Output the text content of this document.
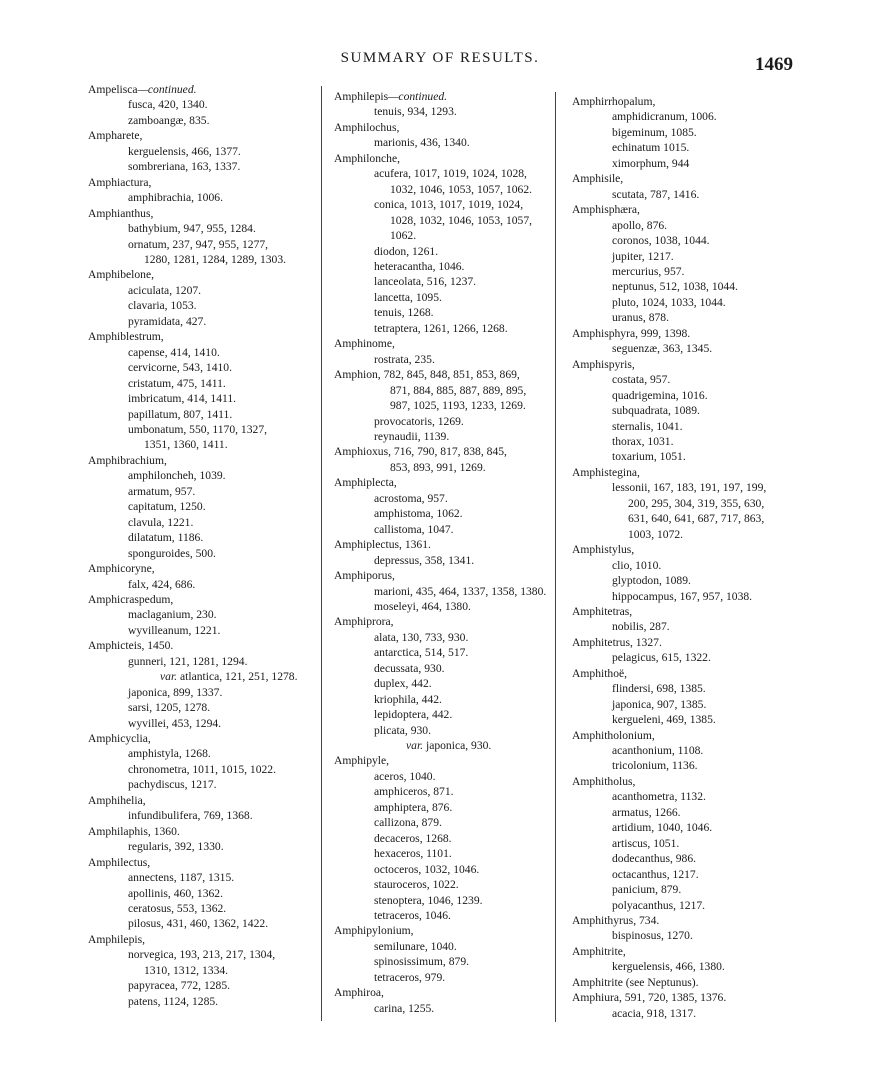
SUMMARY OF RESULTS.	1469
Ampelisca—continued.
fusca, 420, 1340.
zamboangæ, 835.
Ampharete,
kerguelensis, 466, 1377.
sombreriana, 163, 1337.
Amphiactura,
amphibrachia, 1006.
Amphianthus,
bathybium, 947, 955, 1284.
ornatum, 237, 947, 955, 1277,
1280, 1281, 1284, 1289, 1303.
Amphibelone,
aciculata, 1207.
clavaria, 1053.
pyramidata, 427.
Amphiblestrum,
capense, 414, 1410.
cervicorne, 543, 1410.
cristatum, 475, 1411.
imbricatum, 414, 1411.
papillatum, 807, 1411.
umbonatum, 550, 1170, 1327,
1351, 1360, 1411.
Amphibrachium,
amphiloncheh, 1039.
armatum, 957.
capitatum, 1250.
clavula, 1221.
dilatatum, 1186.
sponguroides, 500.
Amphicoryne,
falx, 424, 686.
Amphicraspedum,
maclaganium, 230.
wyvilleanum, 1221.
Amphicteis, 1450.
gunneri, 121, 1281, 1294.
var. atlantica, 121, 251, 1278.
japonica, 899, 1337.
sarsi, 1205, 1278.
wyvillei, 453, 1294.
Amphicyclia,
amphistyla, 1268.
chronometra, 1011, 1015, 1022.
pachydiscus, 1217.
Amphihelia,
infundibulifera, 769, 1368.
Amphilaphis, 1360.
regularis, 392, 1330.
Amphilectus,
annectens, 1187, 1315.
apollinis, 460, 1362.
ceratosus, 553, 1362.
pilosus, 431, 460, 1362, 1422.
Amphilepis,
norvegica, 193, 213, 217, 1304,
1310, 1312, 1334.
papyracea, 772, 1285.
patens, 1124, 1285.
Amphilepis—continued.
tenuis, 934, 1293.
Amphilochus,
marionis, 436, 1340.
Amphilonche,
acufera, 1017, 1019, 1024, 1028,
1032, 1046, 1053, 1057, 1062.
conica, 1013, 1017, 1019, 1024,
1028, 1032, 1046, 1053, 1057,
1062.
diodon, 1261.
heteracantha, 1046.
lanceolata, 516, 1237.
lancetta, 1095.
tenuis, 1268.
tetraptera, 1261, 1266, 1268.
Amphinome,
rostrata, 235.
Amphion, 782, 845, 848, 851, 853, 869,
871, 884, 885, 887, 889, 895,
987, 1025, 1193, 1233, 1269.
provocatoris, 1269.
reynaudii, 1139.
Amphioxus, 716, 790, 817, 838, 845,
853, 893, 991, 1269.
Amphiplecta,
acrostoma, 957.
amphistoma, 1062.
callistoma, 1047.
Amphiplectus, 1361.
depressus, 358, 1341.
Amphiporus,
marioni, 435, 464, 1337, 1358, 1380.
moseleyi, 464, 1380.
Amphiprora,
alata, 130, 733, 930.
antarctica, 514, 517.
decussata, 930.
duplex, 442.
kriophila, 442.
lepidoptera, 442.
plicata, 930.
var. japonica, 930.
Amphipyle,
aceros, 1040.
amphiceros, 871.
amphiptera, 876.
callizona, 879.
decaceros, 1268.
hexaceros, 1101.
octoceros, 1032, 1046.
stauroceros, 1022.
stenoptera, 1046, 1239.
tetraceros, 1046.
Amphipylonium,
semilunare, 1040.
spinosissimum, 879.
tetraceros, 979.
Amphiroa,
carina, 1255.
Amphirrhopalum,
amphidicranum, 1006.
bigeminum, 1085.
echinatum 1015.
ximorphum, 944
Amphisile,
scutata, 787, 1416.
Amphisphæra,
apollo, 876.
coronos, 1038, 1044.
jupiter, 1217.
mercurius, 957.
neptunus, 512, 1038, 1044.
pluto, 1024, 1033, 1044.
uranus, 878.
Amphisphyra, 999, 1398.
seguenzæ, 363, 1345.
Amphispyris,
costata, 957.
quadrigemina, 1016.
subquadrata, 1089.
sternalis, 1041.
thorax, 1031.
toxarium, 1051.
Amphistegina,
lessonii, 167, 183, 191, 197, 199,
200, 295, 304, 319, 355, 630,
631, 640, 641, 687, 717, 863,
1003, 1072.
Amphistylus,
clio, 1010.
glyptodon, 1089.
hippocampus, 167, 957, 1038.
Amphitetras,
nobilis, 287.
Amphitetrus, 1327.
pelagicus, 615, 1322.
Amphithoë,
flindersi, 698, 1385.
japonica, 907, 1385.
kergueleni, 469, 1385.
Amphitholonium,
acanthonium, 1108.
tricolonium, 1136.
Amphitholus,
acanthometra, 1132.
armatus, 1266.
artidium, 1040, 1046.
artiscus, 1051.
dodecanthus, 986.
octacanthus, 1217.
panicium, 879.
polyacanthus, 1217.
Amphithyrus, 734.
bispinosus, 1270.
Amphitrite,
kerguelensis, 466, 1380.
Amphitrite (see Neptunus).
Amphiura, 591, 720, 1385, 1376.
acacia, 918, 1317.
